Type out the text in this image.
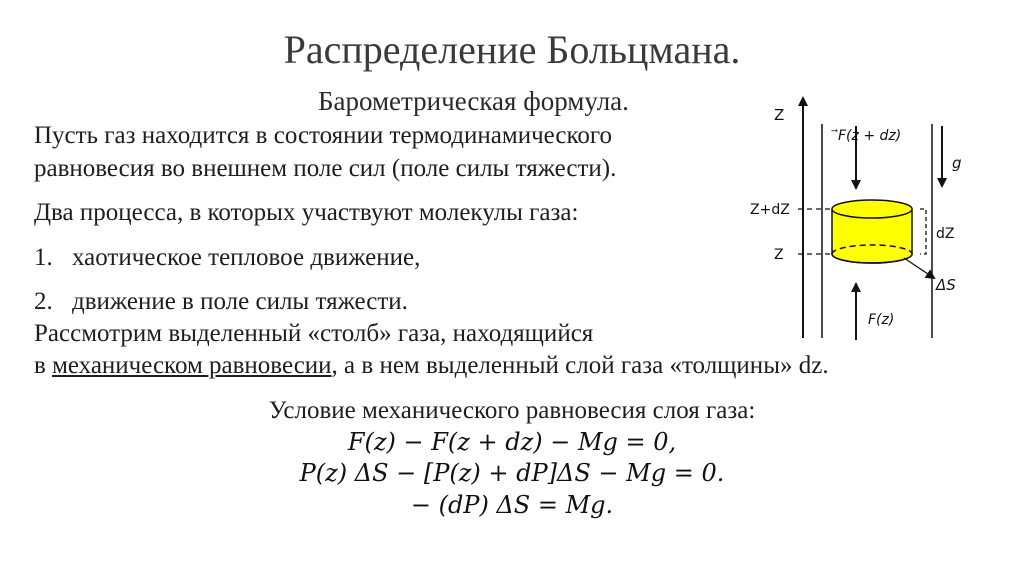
Распределение Больцмана.
Барометрическая формула.
Пусть газ находится в состоянии термодинамического
равновесия во внешнем поле сил (поле силы тяжести).
Два процесса, в которых участвуют молекулы газа:
1. хаотическое тепловое движение,
2. движение в поле силы тяжести.
Рассмотрим выделенный «столб» газа, находящийся
в механическом равновесии, а в нем выделенный слой газа «толщины» dz.
Условие механического равновесия слоя газа:
F(z) − F(z + dz) − Mg = 0,
P(z) ΔS − [P(z) + dP]ΔS − Mg = 0.
− (dP) ΔS = Mg.
Z
F(z + dz)
g
Z+dZ
Z
dZ
ΔS
F(z)
